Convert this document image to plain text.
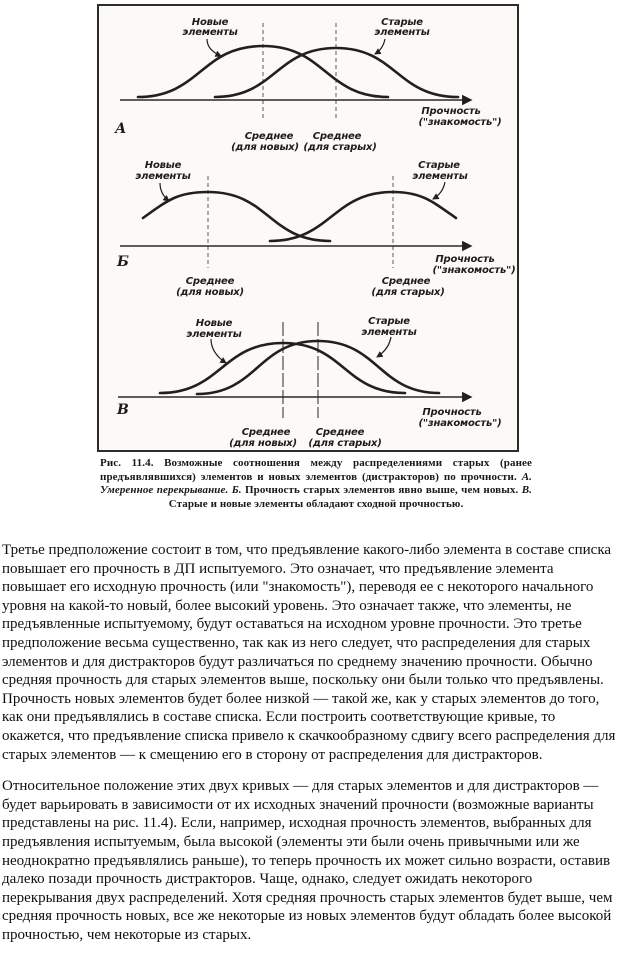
Новые
элементы
Старые
элементы
Прочность
("знакомость")
А	Среднее
(для новых)
Среднее
(для старых)
Новые
элементы
Старые
элементы
Прочность
("знакомость")
Б
Среднее
(для новых)
Среднее
(для старых)
Новые
элементы
Старые
элементы
Прочность
("знакомость")
В
Среднее
(для новых)
Среднее
(для старых)

Рис. 11.4. Возможные соотношения между распределениями старых (ранее предъявлявшихся) элементов и новых элементов (дистракторов) по прочности. А. Умеренное перекрывание. Б. Прочность старых элементов явно выше, чем новых. В. Старые и новые элементы обладают сходной прочностью.

Третье предположение состоит в том, что предъявление какого-либо элемента в составе списка повышает его прочность в ДП испытуемого. Это означает, что предъявление элемента повышает его исходную прочность (или "знакомость"), переводя ее с некоторого начального уровня на какой-то новый, более высокий уровень. Это означает также, что элементы, не предъявленные испытуемому, будут оставаться на исходном уровне прочности. Это третье предположение весьма существенно, так как из него следует, что распределения для старых элементов и для дистракторов будут различаться по среднему значению прочности. Обычно средняя прочность для старых элементов выше, поскольку они были только что предъявлены. Прочность новых элементов будет более низкой — такой же, как у старых элементов до того, как они предъявлялись в составе списка. Если построить соответствующие кривые, то окажется, что предъявление списка привело к скачкообразному сдвигу всего распределения для старых элементов — к смещению его в сторону от распределения для дистракторов.

Относительное положение этих двух кривых — для старых элементов и для дистракторов — будет варьировать в зависимости от их исходных значений прочности (возможные варианты представлены на рис. 11.4). Если, например, исходная прочность элементов, выбранных для предъявления испытуемым, была высокой (элементы эти были очень привычными или же неоднократно предъявлялись раньше), то теперь прочность их может сильно возрасти, оставив далеко позади прочность дистракторов. Чаще, однако, следует ожидать некоторого перекрывания двух распределений. Хотя средняя прочность старых элементов будет выше, чем средняя прочность новых, все же некоторые из новых элементов будут обладать более высокой прочностью, чем некоторые из старых.
